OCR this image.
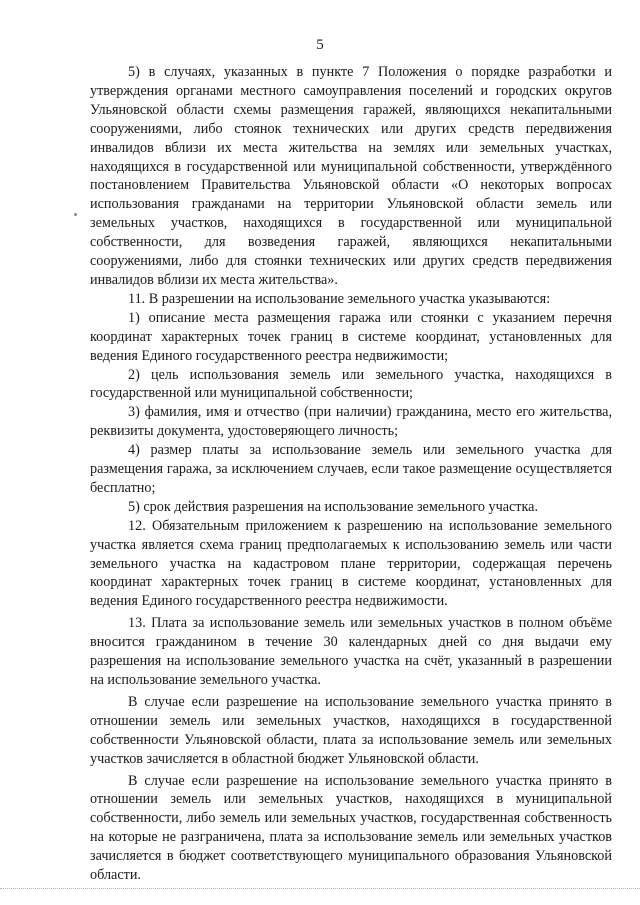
5

5) в случаях, указанных в пункте 7 Положения о порядке разработки и утверждения органами местного самоуправления поселений и городских округов Ульяновской области схемы размещения гаражей, являющихся некапитальными сооружениями, либо стоянок технических или других средств передвижения инвалидов вблизи их места жительства на землях или земельных участках, находящихся в государственной или муниципальной собственности, утверждённого постановлением Правительства Ульяновской области «О некоторых вопросах использования гражданами на территории Ульяновской области земель или земельных участков, находящихся в государственной или муниципальной собственности, для возведения гаражей, являющихся некапитальными сооружениями, либо для стоянки технических или других средств передвижения инвалидов вблизи их места жительства».

11. В разрешении на использование земельного участка указываются:

1) описание места размещения гаража или стоянки с указанием перечня координат характерных точек границ в системе координат, установленных для ведения Единого государственного реестра недвижимости;

2) цель использования земель или земельного участка, находящихся в государственной или муниципальной собственности;

3) фамилия, имя и отчество (при наличии) гражданина, место его жительства, реквизиты документа, удостоверяющего личность;

4) размер платы за использование земель или земельного участка для размещения гаража, за исключением случаев, если такое размещение осуществляется бесплатно;

5) срок действия разрешения на использование земельного участка.

12. Обязательным приложением к разрешению на использование земельного участка является схема границ предполагаемых к использованию земель или части земельного участка на кадастровом плане территории, содержащая перечень координат характерных точек границ в системе координат, установленных для ведения Единого государственного реестра недвижимости.

13. Плата за использование земель или земельных участков в полном объёме вносится гражданином в течение 30 календарных дней со дня выдачи ему разрешения на использование земельного участка на счёт, указанный в разрешении на использование земельного участка.

В случае если разрешение на использование земельного участка принято в отношении земель или земельных участков, находящихся в государственной собственности Ульяновской области, плата за использование земель или земельных участков зачисляется в областной бюджет Ульяновской области.

В случае если разрешение на использование земельного участка принято в отношении земель или земельных участков, находящихся в муниципальной собственности, либо земель или земельных участков, государственная собственность на которые не разграничена, плата за использование земель или земельных участков зачисляется в бюджет соответствующего муниципального образования Ульяновской области.
